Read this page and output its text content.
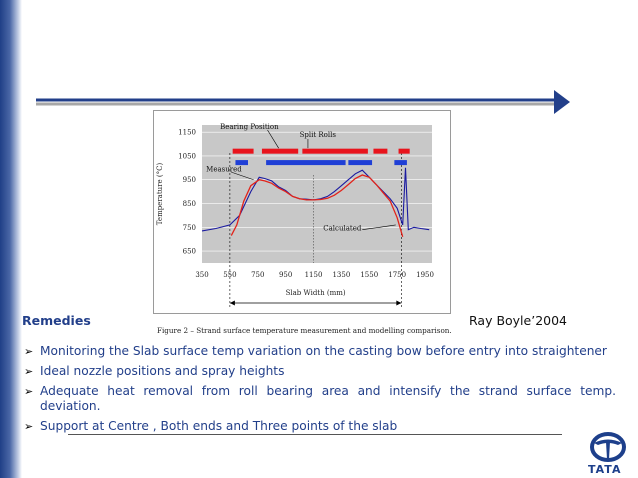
650
750
850
950
1050
1150
350 550 750 950 1150 1350 1550 1750 1950
Temperature (°C)
Slab Width (mm)
Bearing Position
Split Rolls
Measured
Calculated
Figure 2 – Strand surface temperature measurement and modelling comparison.
Remedies	Ray Boyle’2004
➢ Monitoring the Slab surface temp variation on the casting bow before entry into straightener
➢ Ideal nozzle positions and spray heights
➢ Adequate heat removal from roll bearing area and intensify the strand surface temp. deviation.
➢ Support at Centre , Both ends and Three points of the slab
TATA
